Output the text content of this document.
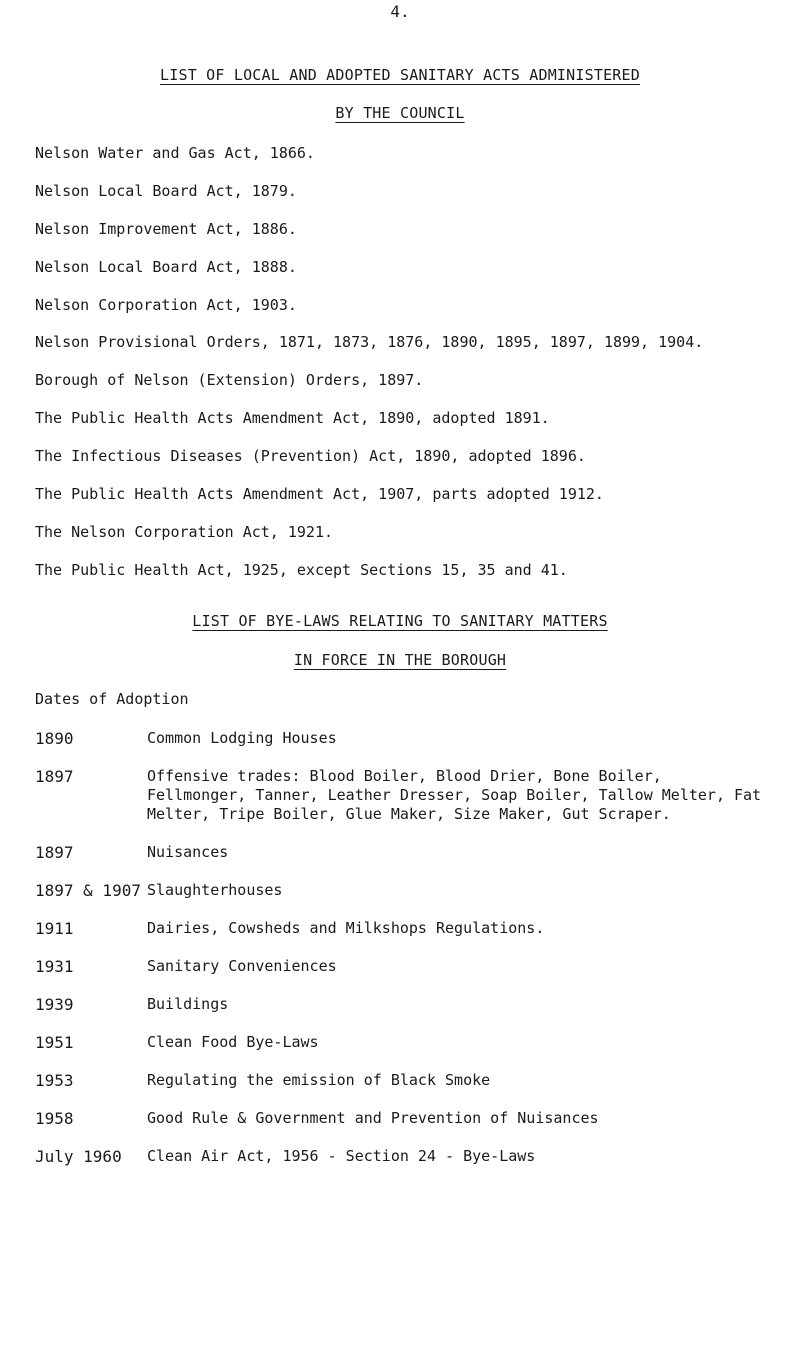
4.
LIST OF LOCAL AND ADOPTED SANITARY ACTS ADMINISTERED
BY THE COUNCIL
Nelson Water and Gas Act, 1866.
Nelson Local Board Act, 1879.
Nelson Improvement Act, 1886.
Nelson Local Board Act, 1888.
Nelson Corporation Act, 1903.
Nelson Provisional Orders, 1871, 1873, 1876, 1890, 1895, 1897, 1899, 1904.
Borough of Nelson (Extension) Orders, 1897.
The Public Health Acts Amendment Act, 1890, adopted 1891.
The Infectious Diseases (Prevention) Act, 1890, adopted 1896.
The Public Health Acts Amendment Act, 1907, parts adopted 1912.
The Nelson Corporation Act, 1921.
The Public Health Act, 1925, except Sections 15, 35 and 41.
LIST OF BYE-LAWS RELATING TO SANITARY MATTERS
IN FORCE IN THE BOROUGH
Dates of Adoption
1890	Common Lodging Houses
1897	Offensive trades: Blood Boiler, Blood Drier, Bone Boiler, Fellmonger, Tanner, Leather Dresser, Soap Boiler, Tallow Melter, Fat Melter, Tripe Boiler, Glue Maker, Size Maker, Gut Scraper.
1897	Nuisances
1897 & 1907	Slaughterhouses
1911	Dairies, Cowsheds and Milkshops Regulations.
1931	Sanitary Conveniences
1939	Buildings
1951	Clean Food Bye-Laws
1953	Regulating the emission of Black Smoke
1958	Good Rule & Government and Prevention of Nuisances
July 1960	Clean Air Act, 1956 - Section 24 - Bye-Laws
